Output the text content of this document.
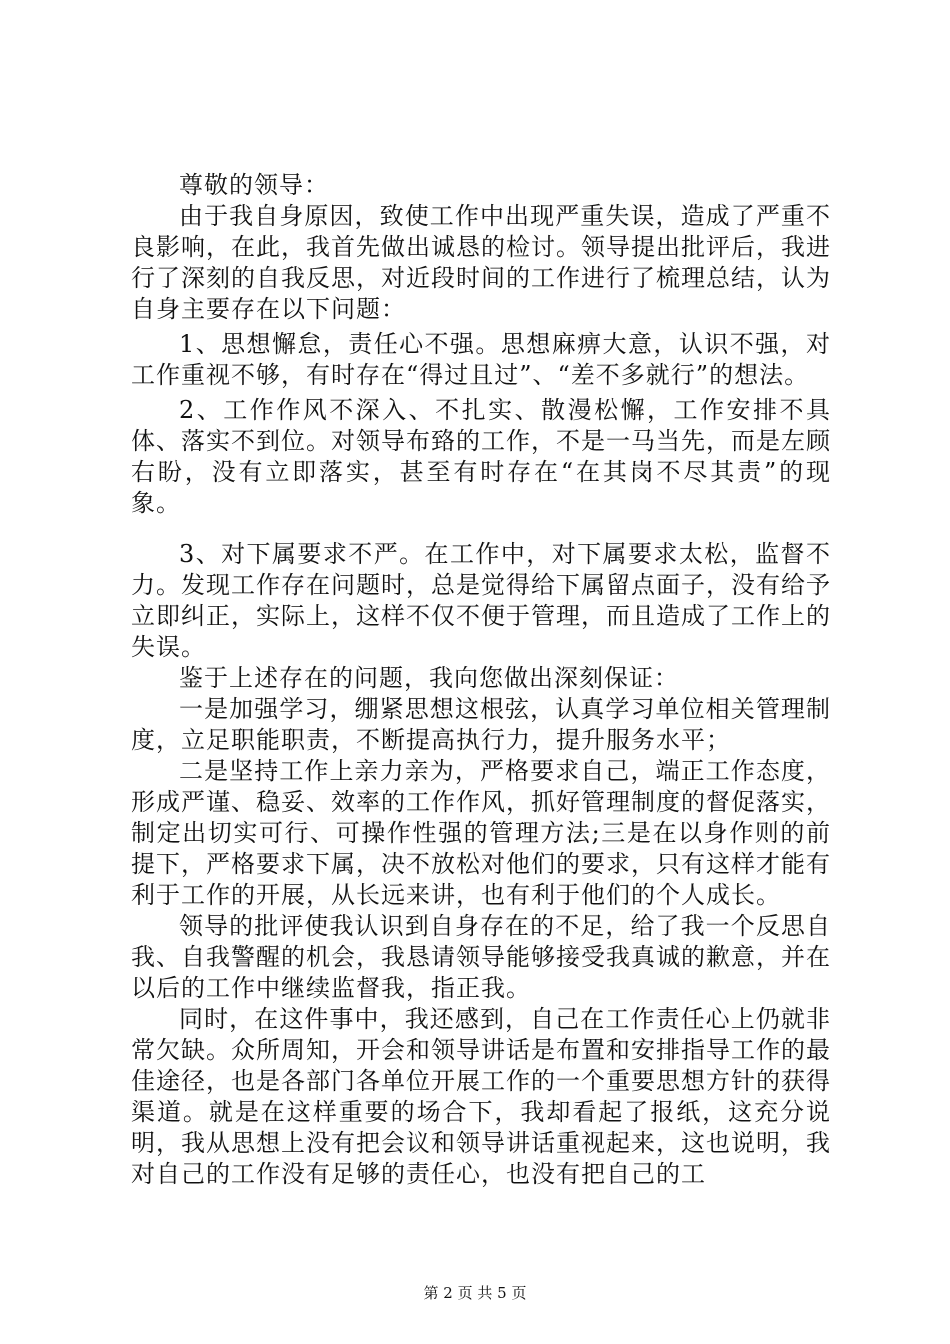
尊敬的领导：

由于我自身原因，致使工作中出现严重失误，造成了严重不良影响，在此，我首先做出诚恳的检讨。领导提出批评后，我进行了深刻的自我反思，对近段时间的工作进行了梳理总结，认为自身主要存在以下问题：

1、思想懈怠，责任心不强。思想麻痹大意，认识不强，对工作重视不够，有时存在“得过且过”、“差不多就行”的想法。

2、工作作风不深入、不扎实、散漫松懈，工作安排不具体、落实不到位。对领导布臵的工作，不是一马当先，而是左顾右盼，没有立即落实，甚至有时存在“在其岗不尽其责”的现象。

3、对下属要求不严。在工作中，对下属要求太松，监督不力。发现工作存在问题时，总是觉得给下属留点面子，没有给予立即纠正，实际上，这样不仅不便于管理，而且造成了工作上的失误。

鉴于上述存在的问题，我向您做出深刻保证：

一是加强学习，绷紧思想这根弦，认真学习单位相关管理制度，立足职能职责，不断提高执行力，提升服务水平；

二是坚持工作上亲力亲为，严格要求自己，端正工作态度，形成严谨、稳妥、效率的工作作风，抓好管理制度的督促落实，制定出切实可行、可操作性强的管理方法;三是在以身作则的前提下，严格要求下属，决不放松对他们的要求，只有这样才能有利于工作的开展，从长远来讲，也有利于他们的个人成长。

领导的批评使我认识到自身存在的不足，给了我一个反思自我、自我警醒的机会，我恳请领导能够接受我真诚的歉意，并在以后的工作中继续监督我，指正我。

同时，在这件事中，我还感到，自己在工作责任心上仍就非常欠缺。众所周知，开会和领导讲话是布置和安排指导工作的最佳途径，也是各部门各单位开展工作的一个重要思想方针的获得渠道。就是在这样重要的场合下，我却看起了报纸，这充分说明，我从思想上没有把会议和领导讲话重视起来，这也说明，我对自己的工作没有足够的责任心，也没有把自己的工

第 2 页 共 5 页
